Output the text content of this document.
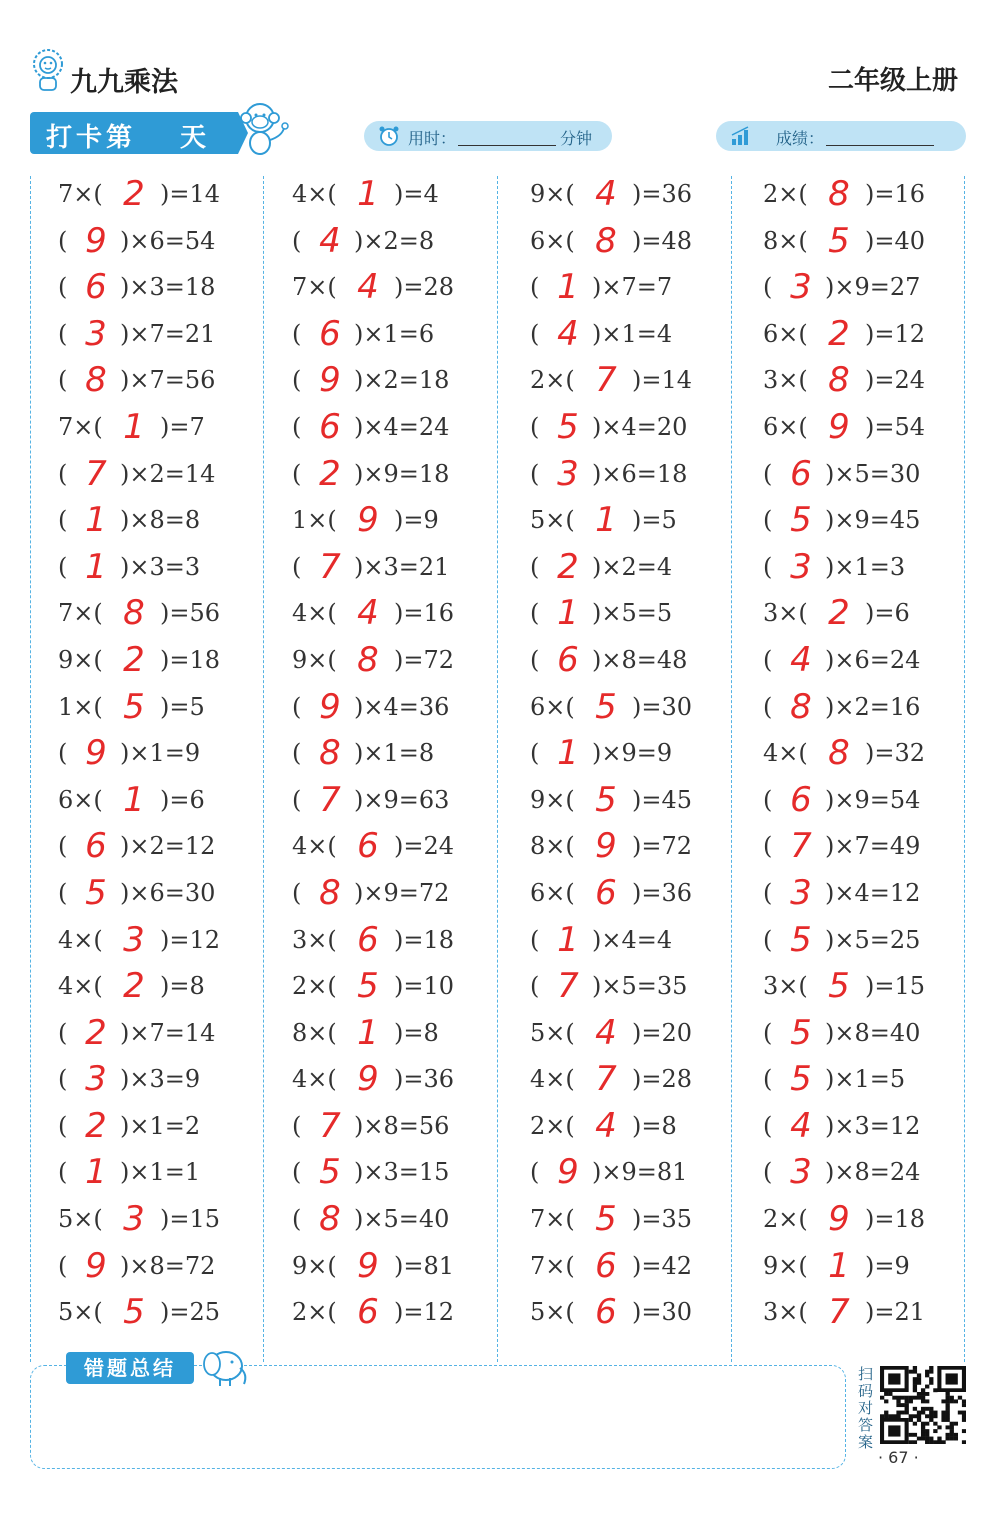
九九乘法	二年级上册
打卡第 天	用时：	分钟	成绩：
7×( 2 )=14
( 9 )×6=54
( 6 )×3=18
( 3 )×7=21
( 8 )×7=56
7×( 1 )=7
( 7 )×2=14
( 1 )×8=8
( 1 )×3=3
7×( 8 )=56
9×( 2 )=18
1×( 5 )=5
( 9 )×1=9
6×( 1 )=6
( 6 )×2=12
( 5 )×6=30
4×( 3 )=12
4×( 2 )=8
( 2 )×7=14
( 3 )×3=9
( 2 )×1=2
( 1 )×1=1
5×( 3 )=15
( 9 )×8=72
5×( 5 )=25
4×( 1 )=4
( 4 )×2=8
7×( 4 )=28
( 6 )×1=6
( 9 )×2=18
( 6 )×4=24
( 2 )×9=18
1×( 9 )=9
( 7 )×3=21
4×( 4 )=16
9×( 8 )=72
( 9 )×4=36
( 8 )×1=8
( 7 )×9=63
4×( 6 )=24
( 8 )×9=72
3×( 6 )=18
2×( 5 )=10
8×( 1 )=8
4×( 9 )=36
( 7 )×8=56
( 5 )×3=15
( 8 )×5=40
9×( 9 )=81
2×( 6 )=12
9×( 4 )=36
6×( 8 )=48
( 1 )×7=7
( 4 )×1=4
2×( 7 )=14
( 5 )×4=20
( 3 )×6=18
5×( 1 )=5
( 2 )×2=4
( 1 )×5=5
( 6 )×8=48
6×( 5 )=30
( 1 )×9=9
9×( 5 )=45
8×( 9 )=72
6×( 6 )=36
( 1 )×4=4
( 7 )×5=35
5×( 4 )=20
4×( 7 )=28
2×( 4 )=8
( 9 )×9=81
7×( 5 )=35
7×( 6 )=42
5×( 6 )=30
2×( 8 )=16
8×( 5 )=40
( 3 )×9=27
6×( 2 )=12
3×( 8 )=24
6×( 9 )=54
( 6 )×5=30
( 5 )×9=45
( 3 )×1=3
3×( 2 )=6
( 4 )×6=24
( 8 )×2=16
4×( 8 )=32
( 6 )×9=54
( 7 )×7=49
( 3 )×4=12
( 5 )×5=25
3×( 5 )=15
( 5 )×8=40
( 5 )×1=5
( 4 )×3=12
( 3 )×8=24
2×( 9 )=18
9×( 1 )=9
3×( 7 )=21
错题总结	扫码对答案
· 67 ·
